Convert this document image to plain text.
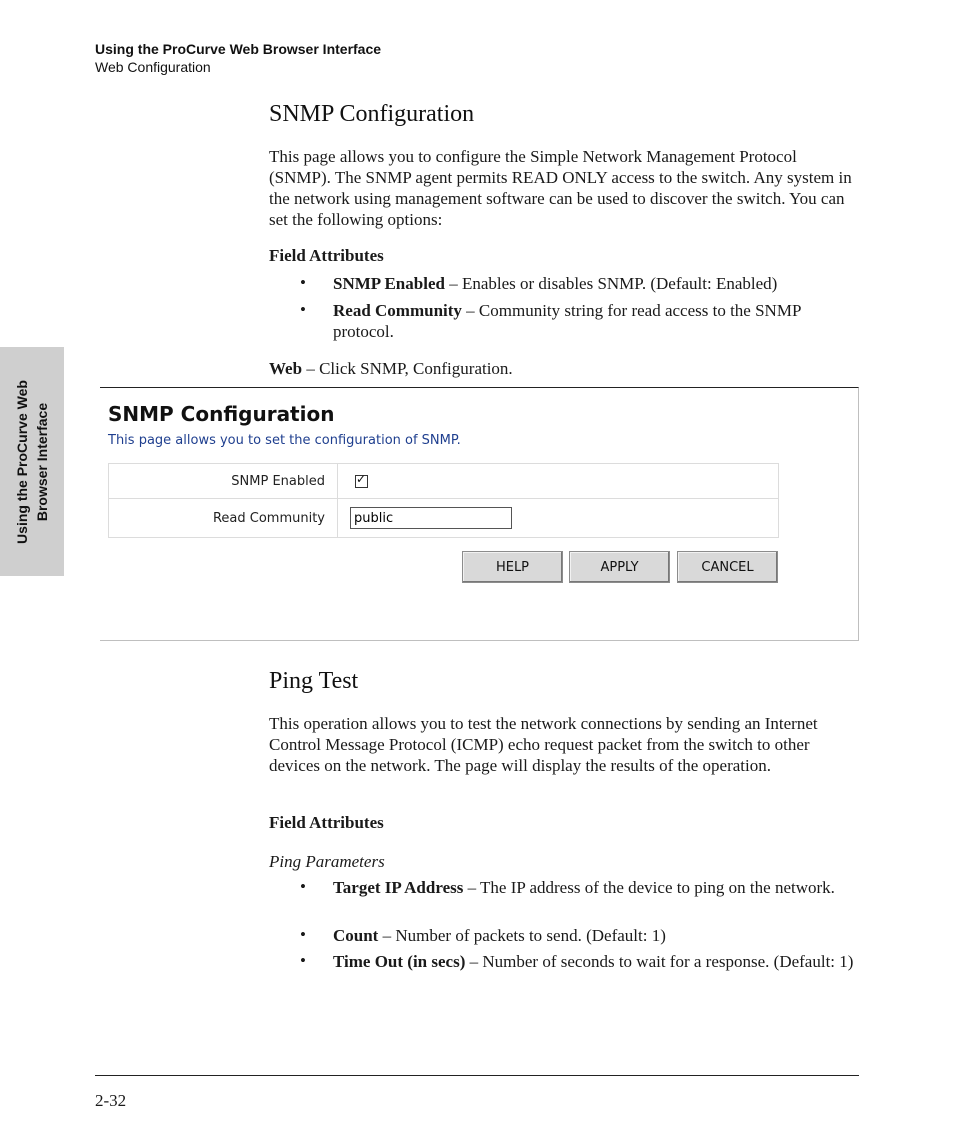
Using the ProCurve Web Browser Interface
Web Configuration
Using the ProCurve Web Browser Interface
SNMP Configuration
This page allows you to configure the Simple Network Management Protocol (SNMP). The SNMP agent permits READ ONLY access to the switch. Any system in the network using management software can be used to discover the switch. You can set the following options:
Field Attributes
• SNMP Enabled – Enables or disables SNMP. (Default: Enabled)
• Read Community – Community string for read access to the SNMP protocol.
Web – Click SNMP, Configuration.
SNMP Configuration
This page allows you to set the configuration of SNMP.
SNMP Enabled	✓
Read Community	public
HELP	APPLY	CANCEL
Ping Test
This operation allows you to test the network connections by sending an Internet Control Message Protocol (ICMP) echo request packet from the switch to other devices on the network. The page will display the results of the operation.
Field Attributes
Ping Parameters
• Target IP Address – The IP address of the device to ping on the network.
• Count – Number of packets to send. (Default: 1)
• Time Out (in secs) – Number of seconds to wait for a response. (Default: 1)
2-32
